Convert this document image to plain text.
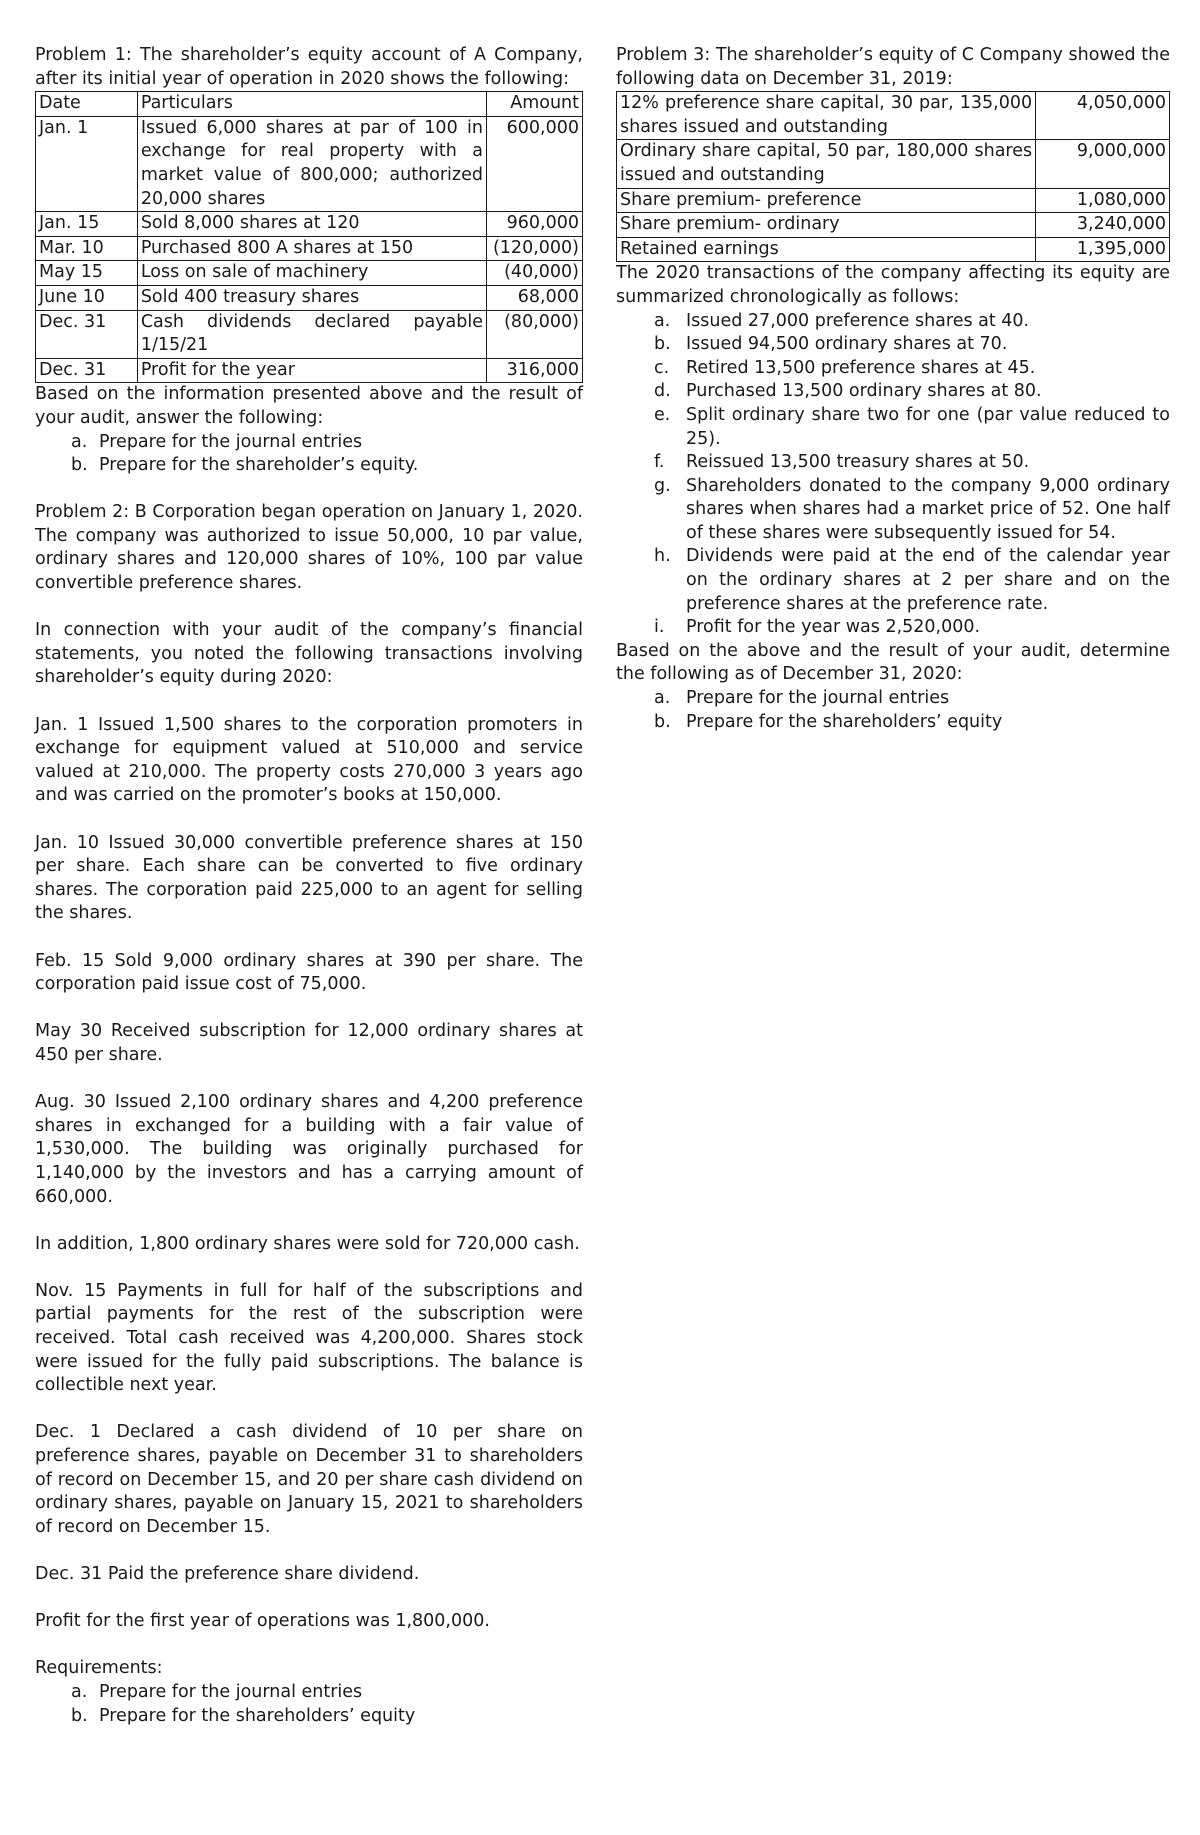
Problem 1: The shareholder’s equity account of A Company, after its initial year of operation in 2020 shows the following:

Date	Particulars	Amount
Jan. 1	Issued 6,000 shares at par of 100 in exchange for real property with a market value of 800,000; authorized 20,000 shares	600,000
Jan. 15	Sold 8,000 shares at 120	960,000
Mar. 10	Purchased 800 A shares at 150	(120,000)
May 15	Loss on sale of machinery	(40,000)
June 10	Sold 400 treasury shares	68,000
Dec. 31	Cash dividends declared payable 1/15/21	(80,000)
Dec. 31	Profit for the year	316,000

Based on the information presented above and the result of your audit, answer the following:

a. Prepare for the journal entries
b. Prepare for the shareholder’s equity.

Problem 2: B Corporation began operation on January 1, 2020. The company was authorized to issue 50,000, 10 par value, ordinary shares and 120,000 shares of 10%, 100 par value convertible preference shares.

In connection with your audit of the company’s financial statements, you noted the following transactions involving shareholder’s equity during 2020:

Jan. 1 Issued 1,500 shares to the corporation promoters in exchange for equipment valued at 510,000 and service valued at 210,000. The property costs 270,000 3 years ago and was carried on the promoter’s books at 150,000.

Jan. 10 Issued 30,000 convertible preference shares at 150 per share. Each share can be converted to five ordinary shares. The corporation paid 225,000 to an agent for selling the shares.

Feb. 15 Sold 9,000 ordinary shares at 390 per share. The corporation paid issue cost of 75,000.

May 30 Received subscription for 12,000 ordinary shares at 450 per share.

Aug. 30 Issued 2,100 ordinary shares and 4,200 preference shares in exchanged for a building with a fair value of 1,530,000. The building was originally purchased for 1,140,000 by the investors and has a carrying amount of 660,000.

In addition, 1,800 ordinary shares were sold for 720,000 cash.

Nov. 15 Payments in full for half of the subscriptions and partial payments for the rest of the subscription were received. Total cash received was 4,200,000. Shares stock were issued for the fully paid subscriptions. The balance is collectible next year.

Dec. 1 Declared a cash dividend of 10 per share on preference shares, payable on December 31 to shareholders of record on December 15, and 20 per share cash dividend on ordinary shares, payable on January 15, 2021 to shareholders of record on December 15.

Dec. 31 Paid the preference share dividend.

Profit for the first year of operations was 1,800,000.

Requirements:

a. Prepare for the journal entries
b. Prepare for the shareholders’ equity

Problem 3: The shareholder’s equity of C Company showed the following data on December 31, 2019:

12% preference share capital, 30 par, 135,000 shares issued and outstanding	4,050,000
Ordinary share capital, 50 par, 180,000 shares issued and outstanding	9,000,000
Share premium- preference	1,080,000
Share premium- ordinary	3,240,000
Retained earnings	1,395,000

The 2020 transactions of the company affecting its equity are summarized chronologically as follows:

a. Issued 27,000 preference shares at 40.
b. Issued 94,500 ordinary shares at 70.
c. Retired 13,500 preference shares at 45.
d. Purchased 13,500 ordinary shares at 80.
e. Split ordinary share two for one (par value reduced to 25).
f.	Reissued 13,500 treasury shares at 50.
g. Shareholders donated to the company 9,000 ordinary shares when shares had a market price of 52. One half of these shares were subsequently issued for 54.
h. Dividends were paid at the end of the calendar year on the ordinary shares at 2 per share and on the preference shares at the preference rate.
i.	Profit for the year was 2,520,000.

Based on the above and the result of your audit, determine the following as of December 31, 2020:

a. Prepare for the journal entries
b. Prepare for the shareholders’ equity
